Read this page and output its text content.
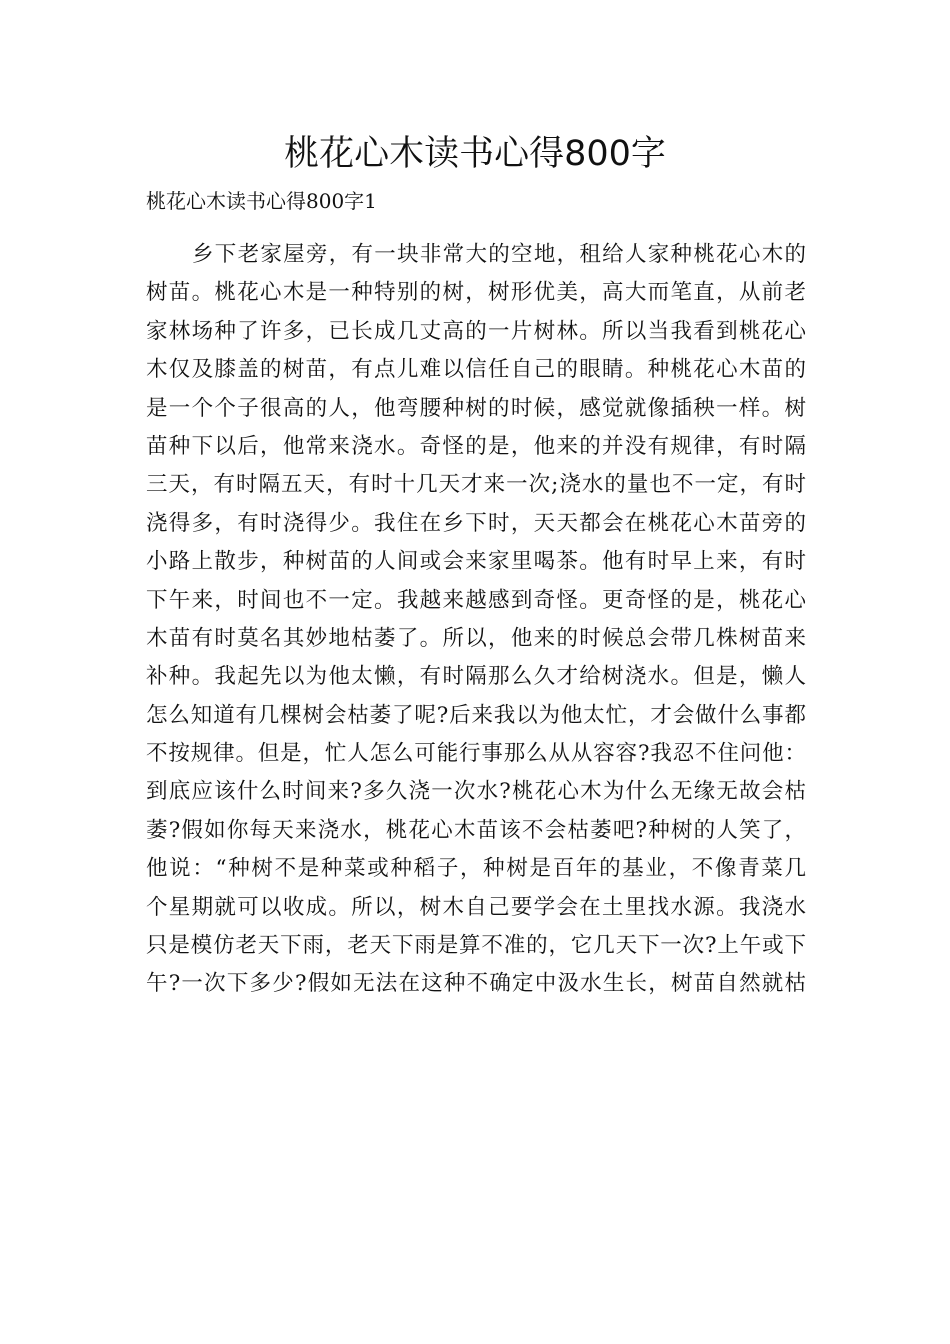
桃花心木读书心得800字

桃花心木读书心得800字1

乡下老家屋旁，有一块非常大的空地，租给人家种桃花心木的
树苗。桃花心木是一种特别的树，树形优美，高大而笔直，从前老
家林场种了许多，已长成几丈高的一片树林。所以当我看到桃花心
木仅及膝盖的树苗，有点儿难以信任自己的眼睛。种桃花心木苗的
是一个个子很高的人，他弯腰种树的时候，感觉就像插秧一样。树
苗种下以后，他常来浇水。奇怪的是，他来的并没有规律，有时隔
三天，有时隔五天，有时十几天才来一次;浇水的量也不一定，有时
浇得多，有时浇得少。我住在乡下时，天天都会在桃花心木苗旁的
小路上散步，种树苗的人间或会来家里喝茶。他有时早上来，有时
下午来，时间也不一定。我越来越感到奇怪。更奇怪的是，桃花心
木苗有时莫名其妙地枯萎了。所以，他来的时候总会带几株树苗来
补种。我起先以为他太懒，有时隔那么久才给树浇水。但是，懒人
怎么知道有几棵树会枯萎了呢?后来我以为他太忙，才会做什么事都
不按规律。但是，忙人怎么可能行事那么从从容容?我忍不住问他：
到底应该什么时间来?多久浇一次水?桃花心木为什么无缘无故会枯
萎?假如你每天来浇水，桃花心木苗该不会枯萎吧?种树的人笑了，
他说：“种树不是种菜或种稻子，种树是百年的基业，不像青菜几
个星期就可以收成。所以，树木自己要学会在土里找水源。我浇水
只是模仿老天下雨，老天下雨是算不准的，它几天下一次?上午或下
午?一次下多少?假如无法在这种不确定中汲水生长，树苗自然就枯
